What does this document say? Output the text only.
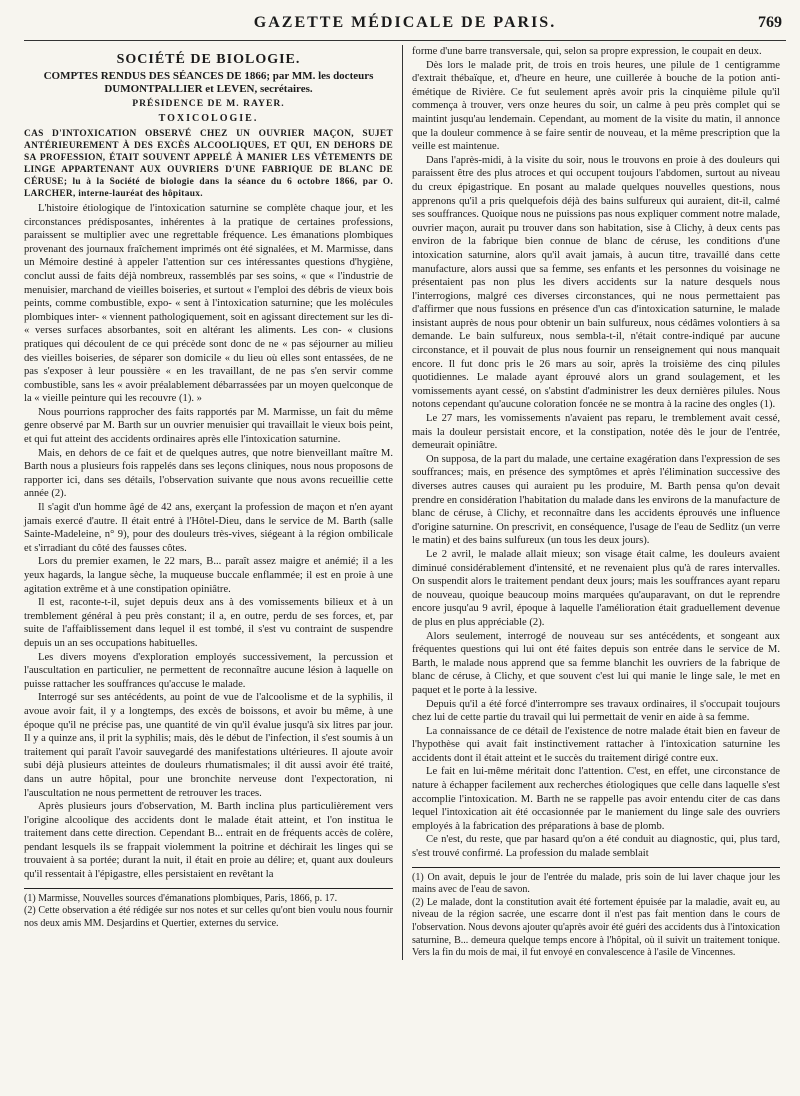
GAZETTE MÉDICALE DE PARIS.	769
SOCIÉTÉ DE BIOLOGIE.
COMPTES RENDUS DES SÉANCES DE 1866; par MM. les docteurs
DUMONTPALLIER et LEVEN, secrétaires.
PRÉSIDENCE DE M. RAYER.
TOXICOLOGIE.

CAS D'INTOXICATION OBSERVÉ CHEZ UN OUVRIER MAÇON, SUJET ANTÉRIEUREMENT À DES EXCÈS ALCOOLIQUES, ET QUI, EN DEHORS DE SA PROFESSION, ÉTAIT SOUVENT APPELÉ À MANIER LES VÊTEMENTS DE LINGE APPARTENANT AUX OUVRIERS D'UNE FABRIQUE DE BLANC DE CÉRUSE; lu à la Société de biologie dans la séance du 6 octobre 1866, par O. LARCHER, interne-lauréat des hôpitaux.

L'histoire étiologique de l'intoxication saturnine se complète chaque jour, et les circonstances prédisposantes, inhérentes à la pratique de certaines professions, paraissent se multiplier avec une regrettable fréquence. Les émanations plombiques provenant des journaux fraîchement imprimés ont été signalées, et M. Marmisse, dans un Mémoire destiné à appeler l'attention sur ces intéressantes questions d'hygiène, conclut aussi de faits déjà nombreux, rassemblés par ses soins, « que « l'industrie de menuisier, marchand de vieilles boiseries, et surtout « l'emploi des débris de vieux bois peints, comme combustible, expo- « sent à l'intoxication saturnine; que les molécules plombiques inter- « viennent pathologiquement, soit en agissant directement sur les di- « verses surfaces absorbantes, soit en altérant les aliments. Les con- « clusions pratiques qui découlent de ce qui précède sont donc de ne « pas séjourner au milieu des vieilles boiseries, de séparer son domicile « du lieu où elles sont entassées, de ne pas s'exposer à leur poussière « en les travaillant, de ne pas s'en servir comme combustible, sans les « avoir préalablement débarrassées par un moyen quelconque de la « vieille peinture qui les recouvre (1). »

Nous pourrions rapprocher des faits rapportés par M. Marmisse, un fait du même genre observé par M. Barth sur un ouvrier menuisier qui travaillait le vieux bois peint, et qui fut atteint des accidents ordinaires après elle l'intoxication saturnine.

Mais, en dehors de ce fait et de quelques autres, que notre bienveillant maître M. Barth nous a plusieurs fois rappelés dans ses leçons cliniques, nous nous proposons de rapporter ici, dans ses détails, l'observation suivante que nous avons recueillie cette année (2).

Il s'agit d'un homme âgé de 42 ans, exerçant la profession de maçon et n'en ayant jamais exercé d'autre. Il était entré à l'Hôtel-Dieu, dans le service de M. Barth (salle Sainte-Madeleine, n° 9), pour des douleurs très-vives, siégeant à la région ombilicale et s'irradiant du côté des fausses côtes.

Lors du premier examen, le 22 mars, B... paraît assez maigre et anémié; il a les yeux hagards, la langue sèche, la muqueuse buccale enflammée; il est en proie à une agitation extrême et à une constipation opiniâtre.

Il est, raconte-t-il, sujet depuis deux ans à des vomissements bilieux et à un tremblement général à peu près constant; il a, en outre, perdu de ses forces, et, par suite de l'affaiblissement dans lequel il est tombé, il s'est vu contraint de suspendre depuis un an ses occupations habituelles.

Les divers moyens d'exploration employés successivement, la percussion et l'auscultation en particulier, ne permettent de reconnaître aucune lésion à laquelle on puisse rattacher les souffrances qu'accuse le malade.

Interrogé sur ses antécédents, au point de vue de l'alcoolisme et de la syphilis, il avoue avoir fait, il y a longtemps, des excès de boissons, et avoir bu même, à une époque qu'il ne précise pas, une quantité de vin qu'il évalue jusqu'à six litres par jour. Il y a quinze ans, il prit la syphilis; mais, dès le début de l'infection, il s'est soumis à un traitement qui paraît l'avoir sauvegardé des manifestations ultérieures. Il ajoute avoir subi déjà plusieurs atteintes de douleurs rhumatismales; il dit aussi avoir été traité, dans un autre hôpital, pour une bronchite nerveuse dont l'expectoration, ni l'auscultation ne nous permettent de retrouver les traces.

Après plusieurs jours d'observation, M. Barth inclina plus particulièrement vers l'origine alcoolique des accidents dont le malade était atteint, et l'on institua le traitement dans cette direction. Cependant B... entrait en de fréquents accès de colère, pendant lesquels ils se frappait violemment la poitrine et déchirait les linges qui se trouvaient à sa portée; durant la nuit, il était en proie au délire; et, quant aux douleurs qu'il ressentait à l'épigastre, elles persistaient en revêtant la

(1) Marmisse, Nouvelles sources d'émanations plombiques, Paris, 1866, p. 17.

(2) Cette observation a été rédigée sur nos notes et sur celles qu'ont bien voulu nous fournir nos deux amis MM. Desjardins et Quertier, externes du service.

forme d'une barre transversale, qui, selon sa propre expression, le coupait en deux.

Dès lors le malade prit, de trois en trois heures, une pilule de 1 centigramme d'extrait thébaïque, et, d'heure en heure, une cuillerée à bouche de la potion anti-émétique de Rivière. Ce fut seulement après avoir pris la cinquième pilule qu'il commença à trouver, vers onze heures du soir, un calme à peu près complet qui se maintint jusqu'au lendemain. Cependant, au moment de la visite du matin, il annonce que la douleur commence à se faire sentir de nouveau, et la même prescription que la veille est maintenue.

Dans l'après-midi, à la visite du soir, nous le trouvons en proie à des douleurs qui paraissent être des plus atroces et qui occupent toujours l'abdomen, surtout au niveau du creux épigastrique. En posant au malade quelques nouvelles questions, nous apprenons qu'il a pris quelquefois déjà des bains sulfureux qui auraient, dit-il, calmé ses souffrances. Quoique nous ne puissions pas nous expliquer comment notre malade, ouvrier maçon, aurait pu trouver dans son habitation, sise à Clichy, à deux cents pas environ de la fabrique bien connue de blanc de céruse, les conditions d'une intoxication saturnine, alors qu'il avait jamais, à aucun titre, travaillé dans cette manufacture, alors aussi que sa femme, ses enfants et les personnes du voisinage ne présentaient pas non plus les divers accidents sur la nature desquels nous l'interrogions, malgré ces diverses circonstances, qui ne nous permettaient pas d'affirmer que nous fussions en présence d'un cas d'intoxication saturnine, le malade insistant auprès de nous pour obtenir un bain sulfureux, nous cédâmes volontiers à sa demande. Le bain sulfureux, nous sembla-t-il, n'était contre-indiqué par aucune circonstance, et il pouvait de plus nous fournir un renseignement qui nous manquait encore. Il fut donc pris le 26 mars au soir, après la troisième des cinq pilules quotidiennes. Le malade ayant éprouvé alors un grand soulagement, et les vomissements ayant cessé, on s'abstint d'administrer les deux dernières pilules. Nous notons cependant qu'aucune coloration foncée ne se montra à la racine des ongles (1).

Le 27 mars, les vomissements n'avaient pas reparu, le tremblement avait cessé, mais la douleur persistait encore, et la constipation, notée dès le jour de l'entrée, demeurait opiniâtre.

On supposa, de la part du malade, une certaine exagération dans l'expression de ses souffrances; mais, en présence des symptômes et après l'élimination successive des diverses autres causes qui auraient pu les produire, M. Barth pensa qu'on devait prendre en considération l'habitation du malade dans les environs de la manufacture de blanc de céruse, à Clichy, et reconnaître dans les accidents éprouvés une influence d'origine saturnine. On prescrivit, en conséquence, l'usage de l'eau de Sedlitz (un verre le matin) et des bains sulfureux (un tous les deux jours).

Le 2 avril, le malade allait mieux; son visage était calme, les douleurs avaient diminué considérablement d'intensité, et ne revenaient plus qu'à de rares intervalles. On suspendit alors le traitement pendant deux jours; mais les souffrances ayant reparu de nouveau, quoique beaucoup moins marquées qu'auparavant, on dut le reprendre encore jusqu'au 9 avril, époque à laquelle l'amélioration était graduellement devenue de plus en plus appréciable (2).

Alors seulement, interrogé de nouveau sur ses antécédents, et songeant aux fréquentes questions qui lui ont été faites depuis son entrée dans le service de M. Barth, le malade nous apprend que sa femme blanchit les ouvriers de la fabrique de blanc de céruse, à Clichy, et que souvent c'est lui qui manie le linge sale, le met en paquet et le porte à la lessive.

Depuis qu'il a été forcé d'interrompre ses travaux ordinaires, il s'occupait toujours chez lui de cette partie du travail qui lui permettait de venir en aide à sa femme.

La connaissance de ce détail de l'existence de notre malade était bien en faveur de l'hypothèse qui avait fait instinctivement rattacher à l'intoxication saturnine les accidents dont il était atteint et le succès du traitement dirigé contre eux.

Le fait en lui-même méritait donc l'attention. C'est, en effet, une circonstance de nature à échapper facilement aux recherches étiologiques que celle dans laquelle s'est accomplie l'intoxication. M. Barth ne se rappelle pas avoir entendu citer de cas dans lequel l'intoxication ait été occasionnée par le maniement du linge sale des ouvriers employés à la fabrication des préparations à base de plomb.

Ce n'est, du reste, que par hasard qu'on a été conduit au diagnostic, qui, plus tard, s'est trouvé confirmé. La profession du malade semblait

(1) On avait, depuis le jour de l'entrée du malade, pris soin de lui laver chaque jour les mains avec de l'eau de savon.

(2) Le malade, dont la constitution avait été fortement épuisée par la maladie, avait eu, au niveau de la région sacrée, une escarre dont il n'est pas fait mention dans le cours de l'observation. Nous devons ajouter qu'après avoir été guéri des accidents dus à l'intoxication saturnine, B... demeura quelque temps encore à l'hôpital, où il suivit un traitement tonique. Vers la fin du mois de mai, il fut envoyé en convalescence à l'asile de Vincennes.
